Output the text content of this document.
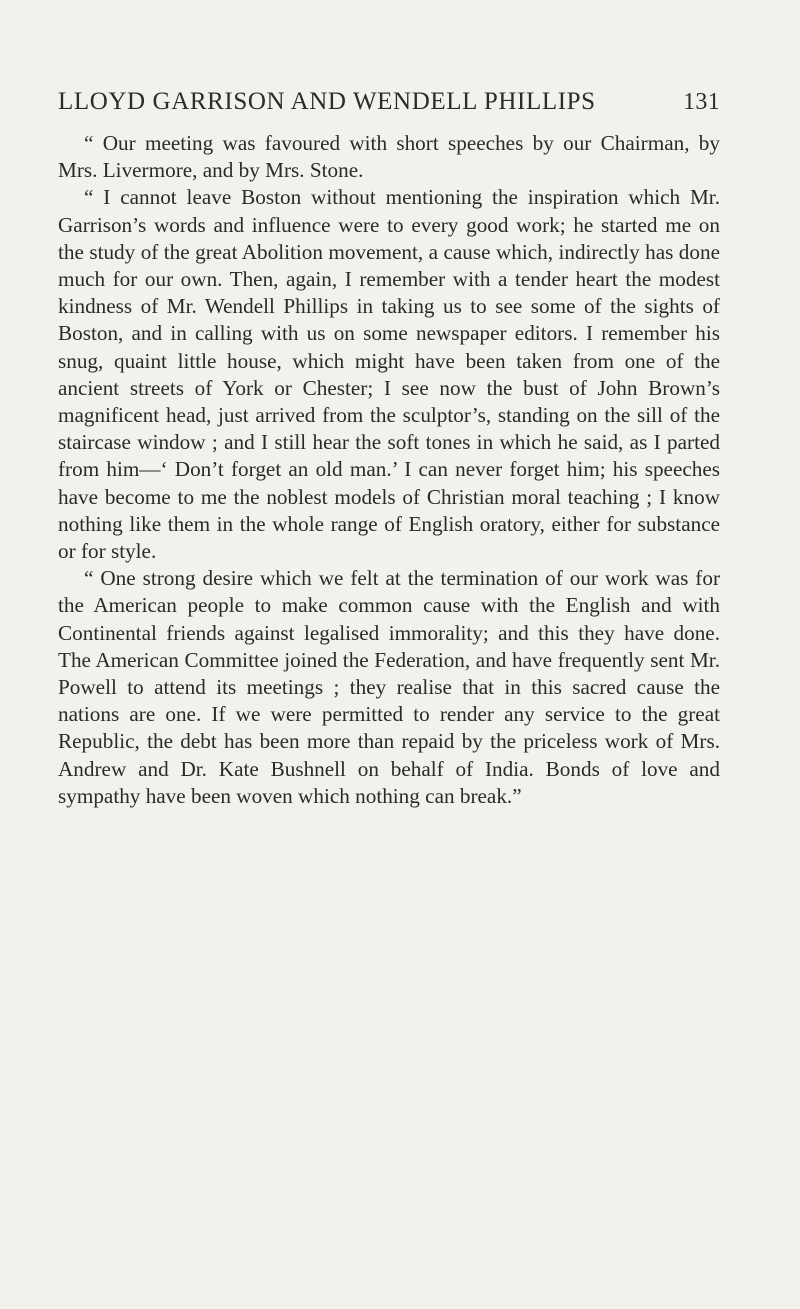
LLOYD GARRISON AND WENDELL PHILLIPS	131

“ Our meeting was favoured with short speeches by our Chairman, by Mrs. Livermore, and by Mrs. Stone.

“ I cannot leave Boston without mentioning the inspiration which Mr. Garrison’s words and influence were to every good work; he started me on the study of the great Abolition movement, a cause which, indirectly has done much for our own. Then, again, I remember with a tender heart the modest kindness of Mr. Wendell Phillips in taking us to see some of the sights of Boston, and in calling with us on some newspaper editors. I remember his snug, quaint little house, which might have been taken from one of the ancient streets of York or Chester; I see now the bust of John Brown’s magnificent head, just arrived from the sculptor’s, standing on the sill of the staircase window ; and I still hear the soft tones in which he said, as I parted from him—‘ Don’t forget an old man.’ I can never forget him; his speeches have become to me the noblest models of Christian moral teaching ; I know nothing like them in the whole range of English oratory, either for substance or for style.

“ One strong desire which we felt at the termination of our work was for the American people to make common cause with the English and with Continental friends against legalised immorality; and this they have done. The American Committee joined the Federation, and have frequently sent Mr. Powell to attend its meetings ; they realise that in this sacred cause the nations are one. If we were permitted to render any service to the great Republic, the debt has been more than repaid by the priceless work of Mrs. Andrew and Dr. Kate Bushnell on behalf of India. Bonds of love and sympathy have been woven which nothing can break.”
